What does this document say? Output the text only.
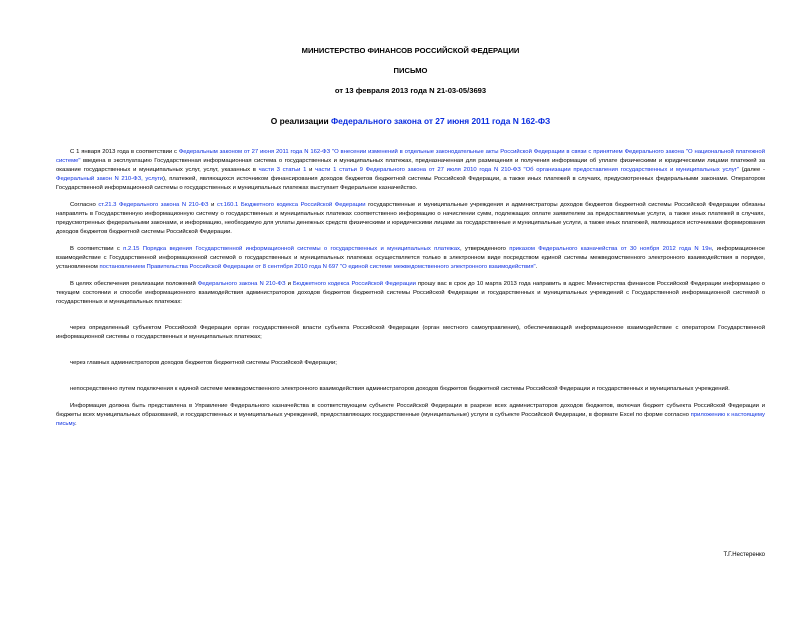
МИНИСТЕРСТВО ФИНАНСОВ РОССИЙСКОЙ ФЕДЕРАЦИИ
ПИСЬМО
от 13 февраля 2013 года N 21-03-05/3693
О реализации Федерального закона от 27 июня 2011 года N 162-ФЗ

С 1 января 2013 года в соответствии с Федеральным законом от 27 июня 2011 года N 162-ФЗ "О внесении изменений в отдельные законодательные акты Российской Федерации в связи с принятием Федерального закона "О национальной платежной системе" введена в эксплуатацию Государственная информационная система о государственных и муниципальных платежах, предназначенная для размещения и получения информации об уплате физическими и юридическими лицами платежей за оказание государственных и муниципальных услуг, услуг, указанных в части 3 статьи 1 и части 1 статьи 9 Федерального закона от 27 июля 2010 года N 210-ФЗ "Об организации предоставления государственных и муниципальных услуг" (далее - Федеральный закон N 210-ФЗ, услуги), платежей, являющихся источником финансирования доходов бюджетов бюджетной системы Российской Федерации, а также иных платежей в случаях, предусмотренных федеральными законами. Оператором Государственной информационной системы о государственных и муниципальных платежах выступает Федеральное казначейство.

Согласно ст.21.3 Федерального закона N 210-ФЗ и ст.160.1 Бюджетного кодекса Российской Федерации государственные и муниципальные учреждения и администраторы доходов бюджетов бюджетной системы Российской Федерации обязаны направлять в Государственную информационную систему о государственных и муниципальных платежах соответственно информацию о начислении сумм, подлежащих оплате заявителем за предоставляемые услуги, а также иных платежей в случаях, предусмотренных федеральными законами, и информацию, необходимую для уплаты денежных средств физическими и юридическими лицами за государственные и муниципальные услуги, а также иных платежей, являющихся источниками формирования доходов бюджетов бюджетной системы Российской Федерации.

В соответствии с п.2.15 Порядка ведения Государственной информационной системы о государственных и муниципальных платежах, утвержденного приказом Федерального казначейства от 30 ноября 2012 года N 19н, информационное взаимодействие с Государственной информационной системой о государственных и муниципальных платежах осуществляется только в электронном виде посредством единой системы межведомственного электронного взаимодействия в порядке, установленном постановлением Правительства Российской Федерации от 8 сентября 2010 года N 697 "О единой системе межведомственного электронного взаимодействия".

В целях обеспечения реализации положений Федерального закона N 210-ФЗ и Бюджетного кодекса Российской Федерации прошу вас в срок до 10 марта 2013 года направить в адрес Министерства финансов Российской Федерации информацию о текущем состоянии и способе информационного взаимодействия администраторов доходов бюджетов бюджетной системы Российской Федерации и государственных и муниципальных учреждений с Государственной информационной системой о государственных и муниципальных платежах:

через определенный субъектом Российской Федерации орган государственной власти субъекта Российской Федерации (орган местного самоуправления), обеспечивающий информационное взаимодействие с оператором Государственной информационной системы о государственных и муниципальных платежах;

через главных администраторов доходов бюджетов бюджетной системы Российской Федерации;

непосредственно путем подключения к единой системе межведомственного электронного взаимодействия администраторов доходов бюджетов бюджетной системы Российской Федерации и государственных и муниципальных учреждений.

Информация должна быть представлена в Управление Федерального казначейства в соответствующем субъекте Российской Федерации в разрезе всех администраторов доходов бюджетов, включая бюджет субъекта Российской Федерации и бюджеты всех муниципальных образований, и государственных и муниципальных учреждений, предоставляющих государственные (муниципальные) услуги в субъекте Российской Федерации, в формате Excel по форме согласно приложению к настоящему письму.

Т.Г.Нестеренко
